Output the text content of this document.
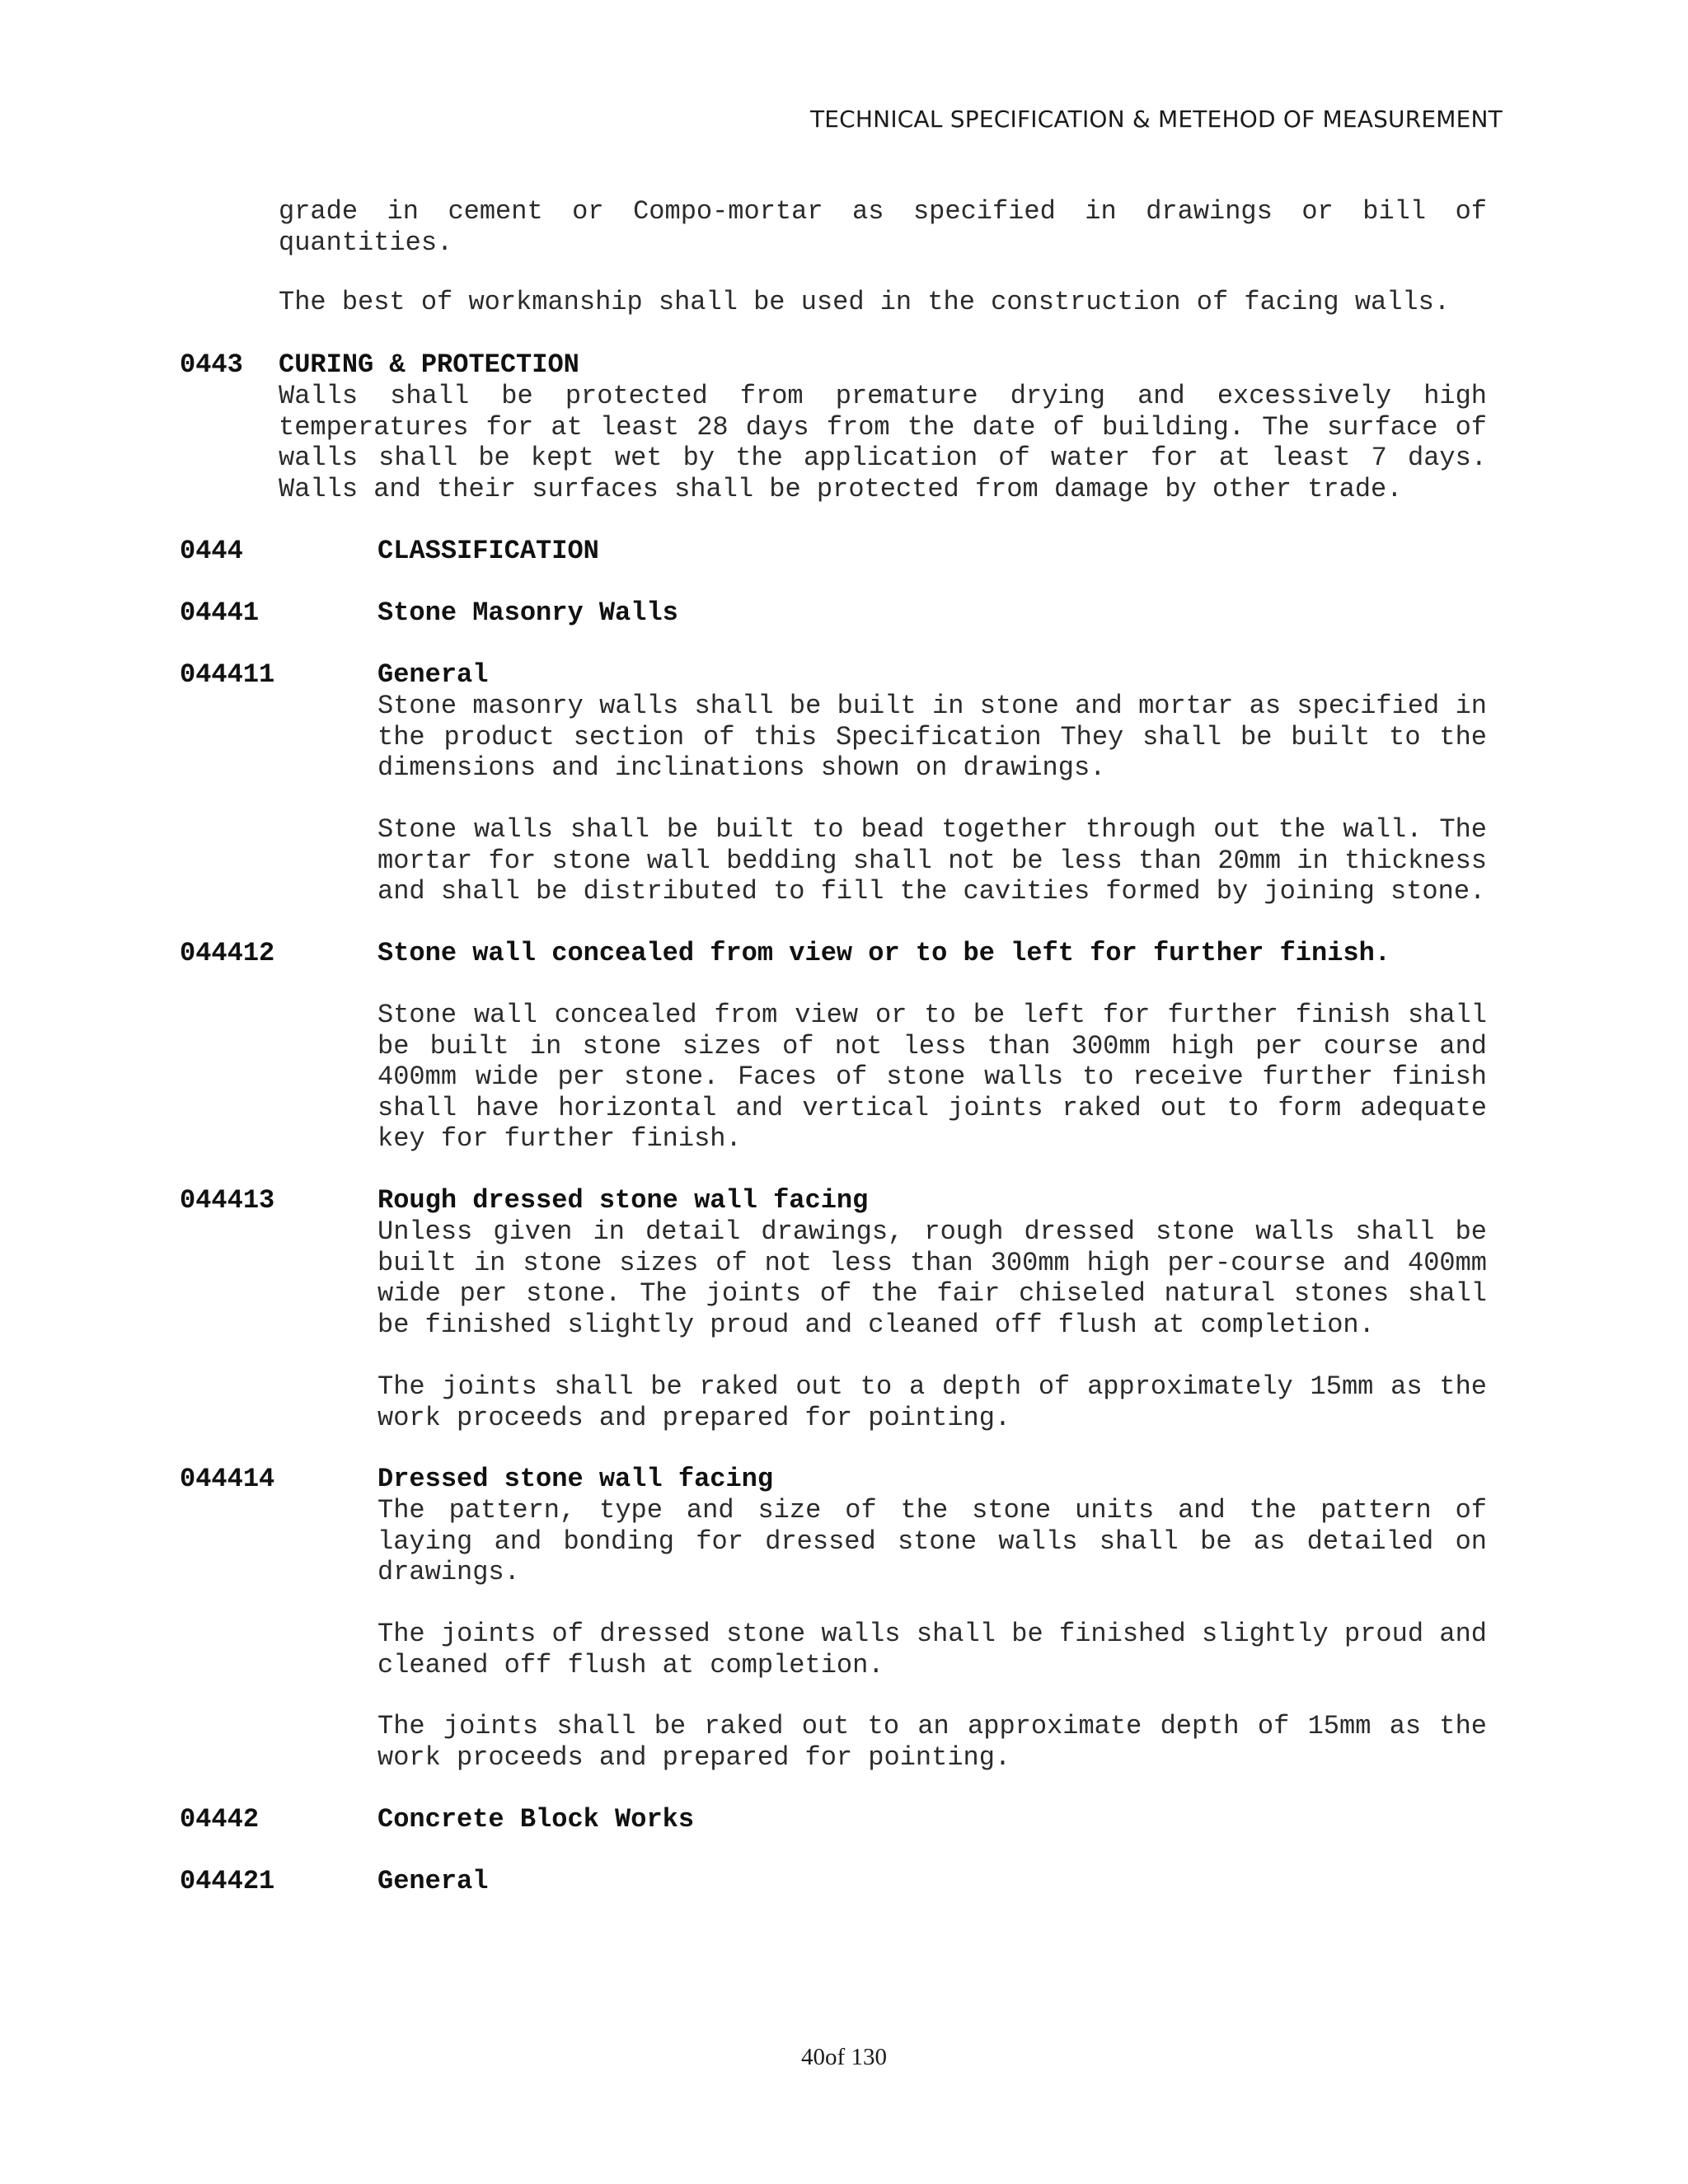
TECHNICAL SPECIFICATION & METEHOD OF MEASUREMENT

grade in cement or Compo-mortar as specified in drawings or bill of quantities.

The best of workmanship shall be used in the construction of facing walls.

0443 CURING & PROTECTION

Walls shall be protected from premature drying and excessively high temperatures for at least 28 days from the date of building. The surface of walls shall be kept wet by the application of water for at least 7 days. Walls and their surfaces shall be protected from damage by other trade.

0444	CLASSIFICATION
04441	Stone Masonry Walls
044411	General

Stone masonry walls shall be built in stone and mortar as specified in the product section of this Specification They shall be built to the dimensions and inclinations shown on drawings.

Stone walls shall be built to bead together through out the wall. The mortar for stone wall bedding shall not be less than 20mm in thickness and shall be distributed to fill the cavities formed by joining stone.

044412	Stone wall concealed from view or to be left for further finish.

Stone wall concealed from view or to be left for further finish shall be built in stone sizes of not less than 300mm high per course and 400mm wide per stone. Faces of stone walls to receive further finish shall have horizontal and vertical joints raked out to form adequate key for further finish.

044413	Rough dressed stone wall facing

Unless given in detail drawings, rough dressed stone walls shall be built in stone sizes of not less than 300mm high per-course and 400mm wide per stone. The joints of the fair chiseled natural stones shall be finished slightly proud and cleaned off flush at completion.

The joints shall be raked out to a depth of approximately 15mm as the work proceeds and prepared for pointing.

044414	Dressed stone wall facing

The pattern, type and size of the stone units and the pattern of laying and bonding for dressed stone walls shall be as detailed on drawings.

The joints of dressed stone walls shall be finished slightly proud and cleaned off flush at completion.

The joints shall be raked out to an approximate depth of 15mm as the work proceeds and prepared for pointing.

04442	Concrete Block Works
044421	General
40of 130
